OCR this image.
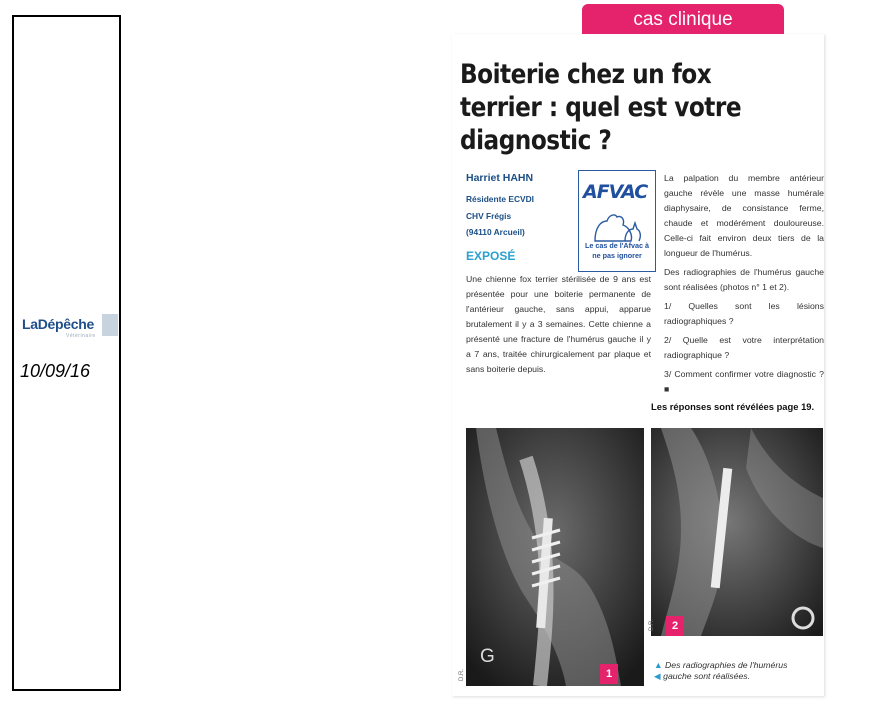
LaDépêche
Vétérinaire
10/09/16
cas clinique
Boiterie chez un fox terrier : quel est votre diagnostic ?
Harriet HAHN
Résidente ECVDI
CHV Frégis
(94110 Arcueil)
AFVAC
Le cas de l'Afvac à ne pas ignorer
EXPOSÉ
Une chienne fox terrier stérilisée de 9 ans est présentée pour une boiterie permanente de l'antérieur gauche, sans appui, apparue brutalement il y a 3 semaines. Cette chienne a présenté une fracture de l'humérus gauche il y a 7 ans, traitée chirurgicalement par plaque et sans boiterie depuis.
La palpation du membre antérieur gauche révèle une masse humérale diaphysaire, de consistance ferme, chaude et modérément douloureuse. Celle-ci fait environ deux tiers de la longueur de l'humérus.
Des radiographies de l'humérus gauche sont réalisées (photos n° 1 et 2).
1/ Quelles sont les lésions radiographiques ?
2/ Quelle est votre interprétation radiographique ?
3/ Comment confirmer votre diagnostic ? ■
Les réponses sont révélées page 19.
G
1
D.R.
2
D.R.
▲ Des radiographies de l'humérus
◀ gauche sont réalisées.
